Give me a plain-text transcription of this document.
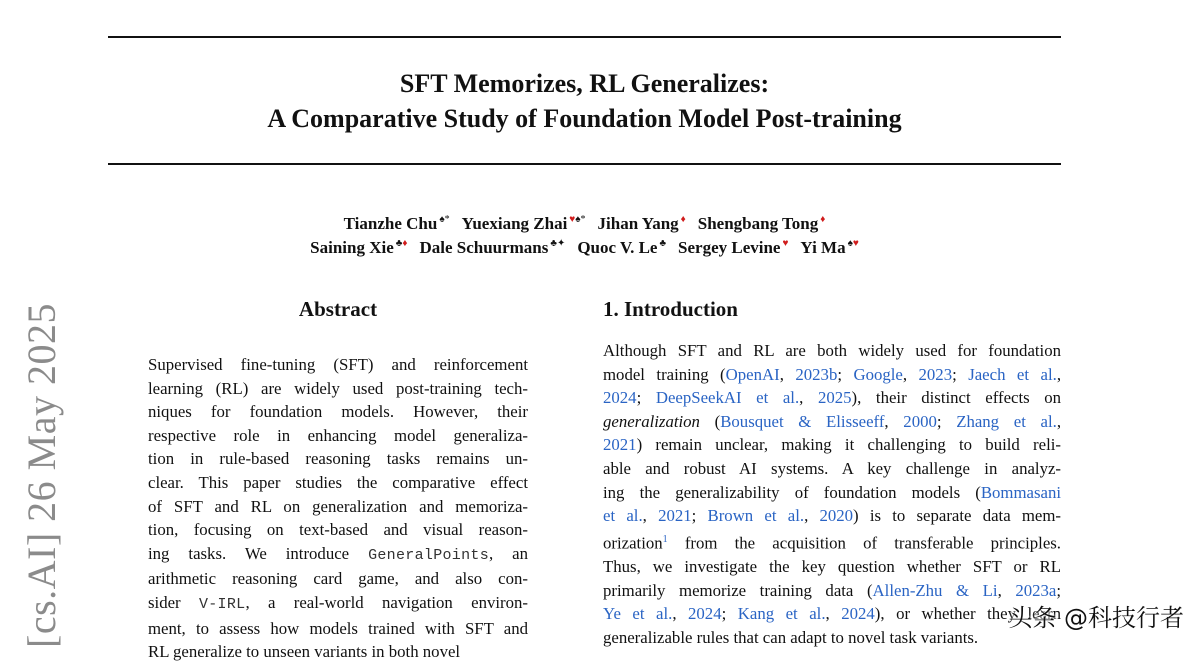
SFT Memorizes, RL Generalizes:
A Comparative Study of Foundation Model Post-training
Tianzhe Chu ♠* Yuexiang Zhai ♥♠* Jihan Yang ♦ Shengbang Tong ♦
Saining Xie ♣♦ Dale Schuurmans ♣✦ Quoc V. Le ♣ Sergey Levine ♥ Yi Ma ♠♥
[cs.AI] 26 May 2025	Abstract
Supervised fine-tuning (SFT) and reinforcement
learning (RL) are widely used post-training tech-
niques for foundation models. However, their
respective role in enhancing model generaliza-
tion in rule-based reasoning tasks remains un-
clear. This paper studies the comparative effect
of SFT and RL on generalization and memoriza-
tion, focusing on text-based and visual reason-
ing tasks. We introduce GeneralPoints, an
arithmetic reasoning card game, and also con-
sider V-IRL, a real-world navigation environ-
ment, to assess how models trained with SFT and
RL generalize to unseen variants in both novel
1. Introduction
Although SFT and RL are both widely used for foundation
model training (OpenAI, 2023b; Google, 2023; Jaech et al.,
2024; DeepSeekAI et al., 2025), their distinct effects on
generalization (Bousquet & Elisseeff, 2000; Zhang et al.,
2021) remain unclear, making it challenging to build reli-
able and robust AI systems. A key challenge in analyz-
ing the generalizability of foundation models (Bommasani
et al., 2021; Brown et al., 2020) is to separate data mem-
orization$^1$ from the acquisition of transferable principles.
Thus, we investigate the key question whether SFT or RL
primarily memorize training data (Allen-Zhu & Li, 2023a;
Ye et al., 2024; Kang et al., 2024), or whether they learn
generalizable rules that can adapt to novel task variants.
头条 @科技行者
